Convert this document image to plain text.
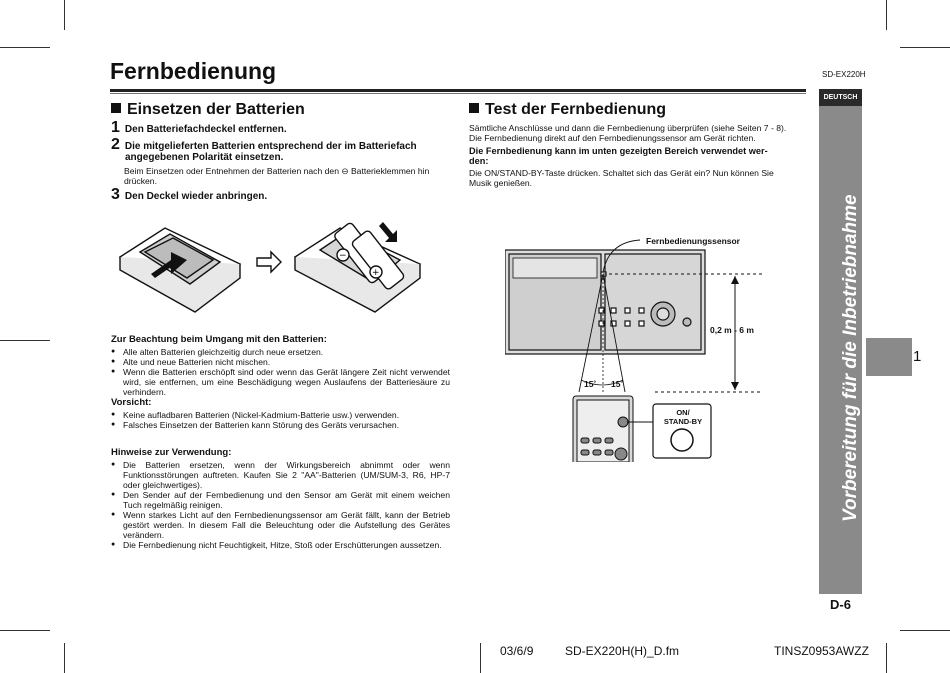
Fernbedienung	SD-EX220H
DEUTSCH
Vorbereitung für die Inbetriebnahme - Fernbedienung -
1
D-6
Einsetzen der Batterien
1 Den Batteriefachdeckel entfernen.
2 Die mitgelieferten Batterien entsprechend der im Batteriefach
angegebenen Polarität einsetzen.
Beim Einsetzen oder Entnehmen der Batterien nach den ⊖ Batterieklemmen hin
drücken.
3 Den Deckel wieder anbringen.
−
+
Zur Beachtung beim Umgang mit den Batterien:
● Alle alten Batterien gleichzeitig durch neue ersetzen.
● Alte und neue Batterien nicht mischen.
● Wenn die Batterien erschöpft sind oder wenn das Gerät längere Zeit nicht verwendet wird, sie entfernen, um eine Beschädigung wegen Auslaufens der Batteriesäure zu verhindern.
Vorsicht:
● Keine aufladbaren Batterien (Nickel-Kadmium-Batterie usw.) verwenden.
● Falsches Einsetzen der Batterien kann Störung des Geräts verursachen.
Hinweise zur Verwendung:
● Die Batterien ersetzen, wenn der Wirkungsbereich abnimmt oder wenn Funktionsstörungen auftreten. Kaufen Sie 2 "AA"-Batterien (UM/SUM-3, R6, HP-7 oder gleichwertiges).
● Den Sender auf der Fernbedienung und den Sensor am Gerät mit einem weichen Tuch regelmäßig reinigen.
● Wenn starkes Licht auf den Fernbedienungssensor am Gerät fällt, kann der Betrieb gestört werden. In diesem Fall die Beleuchtung oder die Aufstellung des Gerätes verändern.
● Die Fernbedienung nicht Feuchtigkeit, Hitze, Stoß oder Erschütterungen aussetzen.
Test der Fernbedienung
Sämtliche Anschlüsse und dann die Fernbedienung überprüfen (siehe Seiten 7 - 8).
Die Fernbedienung direkt auf den Fernbedienungssensor am Gerät richten.
Die Fernbedienung kann im unten gezeigten Bereich verwendet wer-
den:
Die ON/STAND-BY-Taste drücken. Schaltet sich das Gerät ein? Nun können Sie
Musik genießen.
Fernbedienungssensor
0,2 m - 6 m
15˚ 15˚
ON/
STAND-BY
03/6/9	SD-EX220H(H)_D.fm	TINSZ0953AWZZ
